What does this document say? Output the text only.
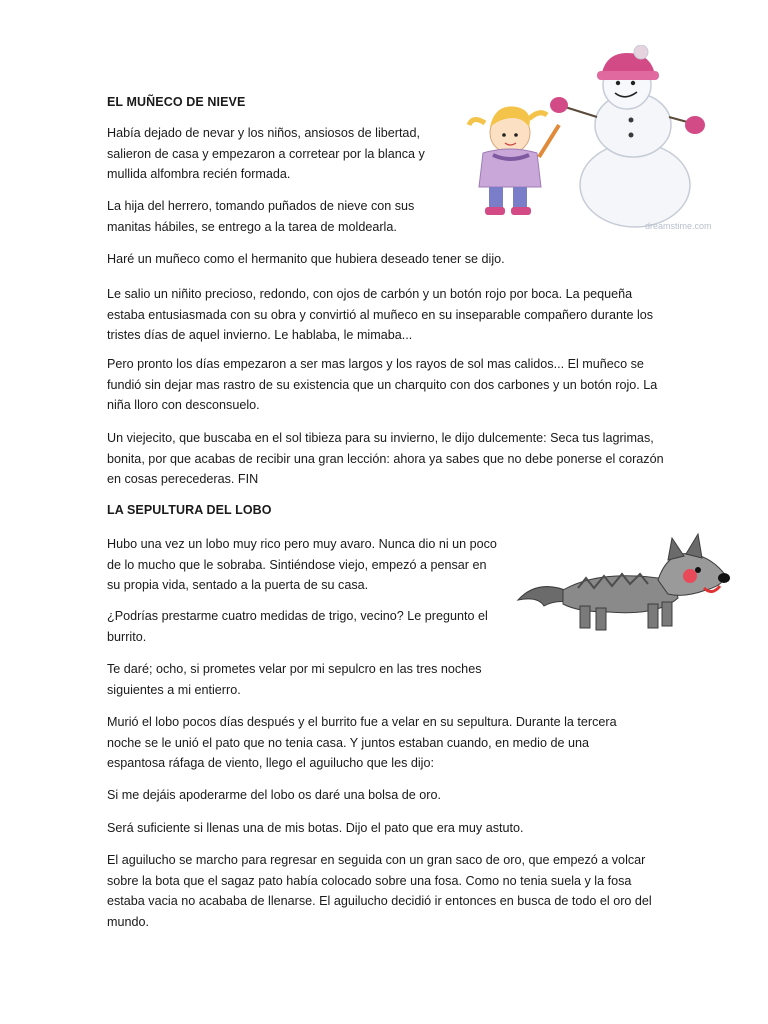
EL MUÑECO DE NIEVE

Había dejado de nevar y los niños, ansiosos de libertad, salieron de casa y empezaron a corretear por la blanca y mullida alfombra recién formada.

La hija del herrero, tomando puñados de nieve con sus manitas hábiles, se entrego a la tarea de moldearla.

Haré un muñeco como el hermanito que hubiera deseado tener se dijo.

Le salio un niñito precioso, redondo, con ojos de carbón y un botón rojo por boca. La pequeña estaba entusiasmada con su obra y convirtió al muñeco en su inseparable compañero durante los tristes días de aquel invierno. Le hablaba, le mimaba...

Pero pronto los días empezaron a ser mas largos y los rayos de sol mas calidos... El muñeco se fundió sin dejar mas rastro de su existencia que un charquito con dos carbones y un botón rojo. La niña lloro con desconsuelo.

Un viejecito, que buscaba en el sol tibieza para su invierno, le dijo dulcemente: Seca tus lagrimas, bonita, por que acabas de recibir una gran lección: ahora ya sabes que no debe ponerse el corazón en cosas perecederas. FIN

dreamstime.com
LA SEPULTURA DEL LOBO

Hubo una vez un lobo muy rico pero muy avaro. Nunca dio ni un poco de lo mucho que le sobraba. Sintiéndose viejo, empezó a pensar en su propia vida, sentado a la puerta de su casa.

¿Podrías prestarme cuatro medidas de trigo, vecino? Le pregunto el burrito.

Te daré; ocho, si prometes velar por mi sepulcro en las tres noches siguientes a mi entierro.

Murió el lobo pocos días después y el burrito fue a velar en su sepultura. Durante la tercera noche se le unió el pato que no tenia casa. Y juntos estaban cuando, en medio de una espantosa ráfaga de viento, llego el aguilucho que les dijo:

Si me dejáis apoderarme del lobo os daré una bolsa de oro.

Será suficiente si llenas una de mis botas. Dijo el pato que era muy astuto.

El aguilucho se marcho para regresar en seguida con un gran saco de oro, que empezó a volcar sobre la bota que el sagaz pato había colocado sobre una fosa. Como no tenia suela y la fosa estaba vacia no acababa de llenarse. El aguilucho decidió ir entonces en busca de todo el oro del mundo.
